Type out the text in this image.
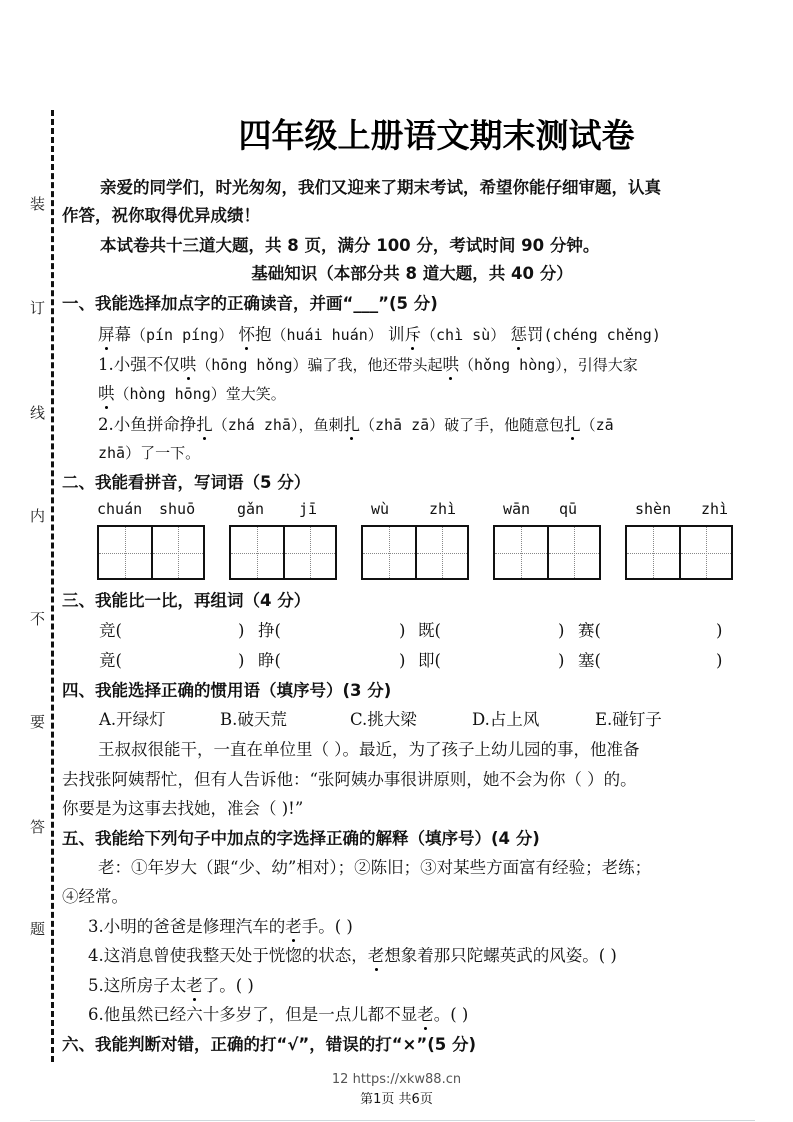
装
订
线
内
不
要
答
题
四年级上册语文期末测试卷
亲爱的同学们，时光匆匆，我们又迎来了期末考试，希望你能仔细审题，认真
作答，祝你取得优异成绩！
本试卷共十三道大题，共 8 页，满分 100 分，考试时间 90 分钟。
基础知识（本部分共 8 道大题，共 40 分）
一、我能选择加点字的正确读音，并画“___”(5 分)
屏幕（pín píng） 怀抱（huái huán） 训斥（chì sù） 惩罚(chéng chěng)
1.小强不仅哄（hōng hǒng）骗了我，他还带头起哄（hǒng hòng），引得大家
哄（hòng hōng）堂大笑。
2.小鱼拼命挣扎（zhá zhā），鱼刺扎（zhā zā）破了手，他随意包扎（zā
zhā）了一下。
二、我能看拼音，写词语（5 分）
chuán shuō	gǎn jī	wù	zhì	wān qū	shèn zhì
三、我能比一比，再组词（4 分）
竞(	) 挣(	) 既(	) 赛(	)
竟(	) 睁(	) 即(	) 塞(	)
四、我能选择正确的惯用语（填序号）(3 分)
A.开绿灯	B.破天荒	C.挑大梁	D.占上风	E.碰钉子
王叔叔很能干，一直在单位里（ ）。最近，为了孩子上幼儿园的事，他准备
去找张阿姨帮忙，但有人告诉他：“张阿姨办事很讲原则，她不会为你（ ）的。
你要是为这事去找她，准会（ )!”
五、我能给下列句子中加点的字选择正确的解释（填序号）(4 分)
老：①年岁大（跟“少、幼”相对）；②陈旧；③对某些方面富有经验；老练；
④经常。
3.小明的爸爸是修理汽车的老手。( )
4.这消息曾使我整天处于恍惚的状态，老想象着那只陀螺英武的风姿。( )
5.这所房子太老了。( )
6.他虽然已经六十多岁了，但是一点儿都不显老。( )
六、我能判断对错，正确的打“√”，错误的打“×”(5 分)
12 https://xkw88.cn
第1页 共6页
